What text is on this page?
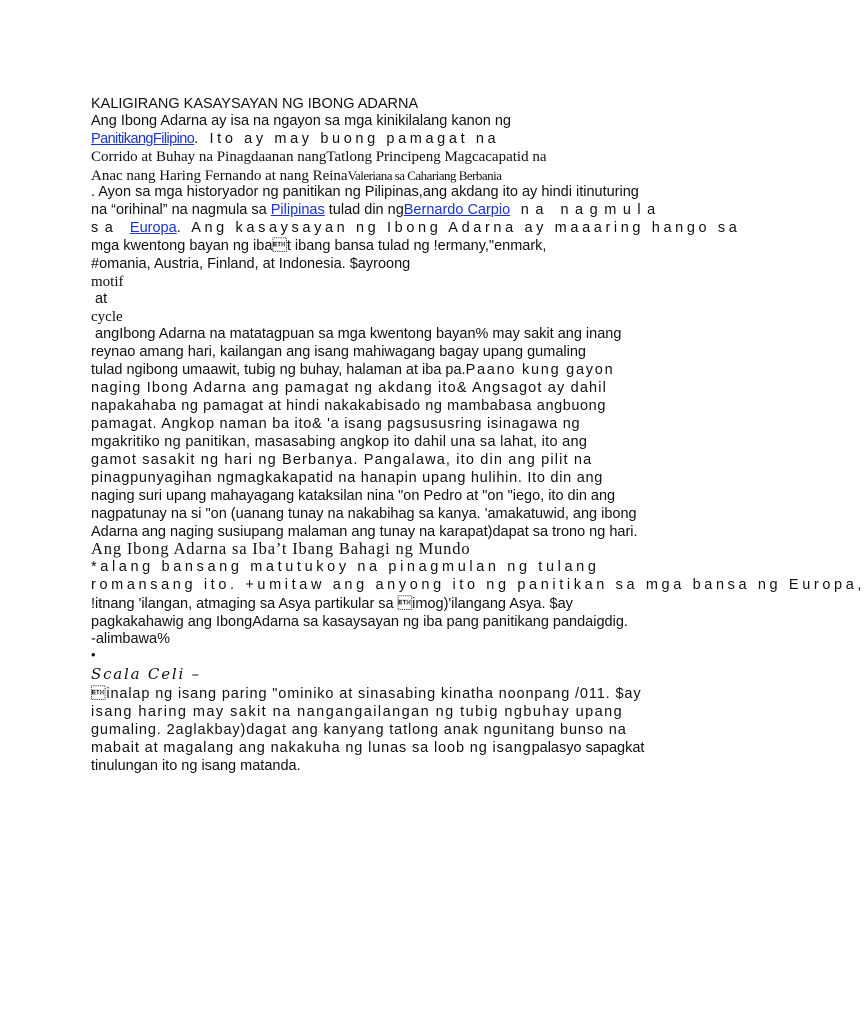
KALIGIRANG KASAYSAYAN NG IBONG ADARNA
Ang Ibong Adarna ay isa na ngayon sa mga kinikilalang kanon ng
PanitikangFilipino. Ito ay may buong pamagat na
Corrido at Buhay na Pinagdaanan nangTatlong Principeng Magcacapatid na
Anac nang Haring Fernando at nang ReinaValeriana sa Cahariang Berbania
. Ayon sa mga historyador ng panitikan ng Pilipinas,ang akdang ito ay hindi itinuturing
na “orihinal” na nagmula sa Pilipinas tulad din ngBernardo Carpio na nagmula
sa Europa. Ang kasaysayan ng Ibong Adarna ay maaaring hango sa
mga kwentong bayan ng ibat ibang bansa tulad ng !ermany,"enmark,
#omania, Austria, Finland, at Indonesia. $ayroong
motif
at
cycle
angIbong Adarna na matatagpuan sa mga kwentong bayan% may sakit ang inang
reynao amang hari, kailangan ang isang mahiwagang bagay upang gumaling
tulad ngibong umaawit, tubig ng buhay, halaman at iba pa.Paano kung gayon
naging Ibong Adarna ang pamagat ng akdang ito& Angsagot ay dahil
napakahaba ng pamagat at hindi nakakabisado ng mambabasa angbuong
pamagat. Angkop naman ba ito& 'a isang pagsususring isinagawa ng
mgakritiko ng panitikan, masasabing angkop ito dahil una sa lahat, ito ang
gamot sasakit ng hari ng Berbanya. Pangalawa, ito din ang pilit na
pinagpunyagihan ngmagkakapatid na hanapin upang hulihin. Ito din ang
naging suri upang mahayagang kataksilan nina "on Pedro at "on "iego, ito din ang
nagpatunay na si "on (uanang tunay na nakabihag sa kanya. 'amakatuwid, ang ibong
Adarna ang naging susiupang malaman ang tunay na karapat)dapat sa trono ng hari.
Ang Ibong Adarna sa Iba’t Ibang Bahagi ng Mundo
*alang bansang matutukoy na pinagmulan ng tulang
romansang ito. +umitaw ang anyong ito ng panitikan sa mga bansa ng Europa,
!itnang 'ilangan, atmaging sa Asya partikular sa imog)'ilangang Asya. $ay
pagkakahawig ang IbongAdarna sa kasaysayan ng iba pang panitikang pandaigdig.
-alimbawa%
•
Scala Celi –
inalap ng isang paring "ominiko at sinasabing kinatha noonpang /011. $ay
isang haring may sakit na nangangailangan ng tubig ngbuhay upang
gumaling. 2aglakbay)dagat ang kanyang tatlong anak ngunitang bunso na
mabait at magalang ang nakakuha ng lunas sa loob ng isangpalasyo sapagkat
tinulungan ito ng isang matanda.
